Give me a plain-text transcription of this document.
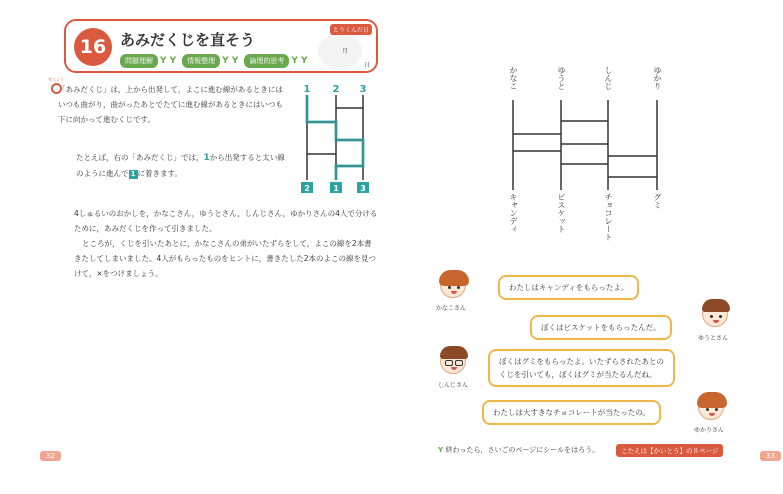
16 あみだくじを直そう
問題理解 Y Y	情報整理 Y Y	論理的思考 Y Y
とりくんだ日
月
日
考えよう
「あみだくじ」は，上から出発して，よこに進む線があるときにはいつも曲がり，曲がったあとでたてに進む線があるときにはいつも下に向かって進むくじです。
たとえば，右の「あみだくじ」では，1から出発すると太い線のように進んで 1 に着きます。
1 2 3
2	1	3
4しゅるいのおかしを，かなこさん，ゆうとさん，しんじさん，ゆかりさんの4人で分けるために，あみだくじを作って引きました。
ところが，くじを引いたあとに，かなこさんの弟がいたずらをして，よこの線を2本書きたしてしまいました。4人がもらったものをヒントに，書きたした2本のよこの線を見つけて，×をつけましょう。
32
かなこ	ゆうと	しんじ	ゆかり
キャンディ	ビスケット	チョコレート	グミ
かなこさん
わたしはキャンディをもらったよ。
ゆうとさん
ぼくはビスケットをもらったんだ。
しんじさん
ぼくはグミをもらったよ。いたずらされたあとの
くじを引いても，ぼくはグミが当たるんだね。
ゆかりさん
わたしは大すきなチョコレートが当たったの。
Y 終わったら，さいごのページにシールをはろう。	こたえは【かいとう】の８ページ
33
